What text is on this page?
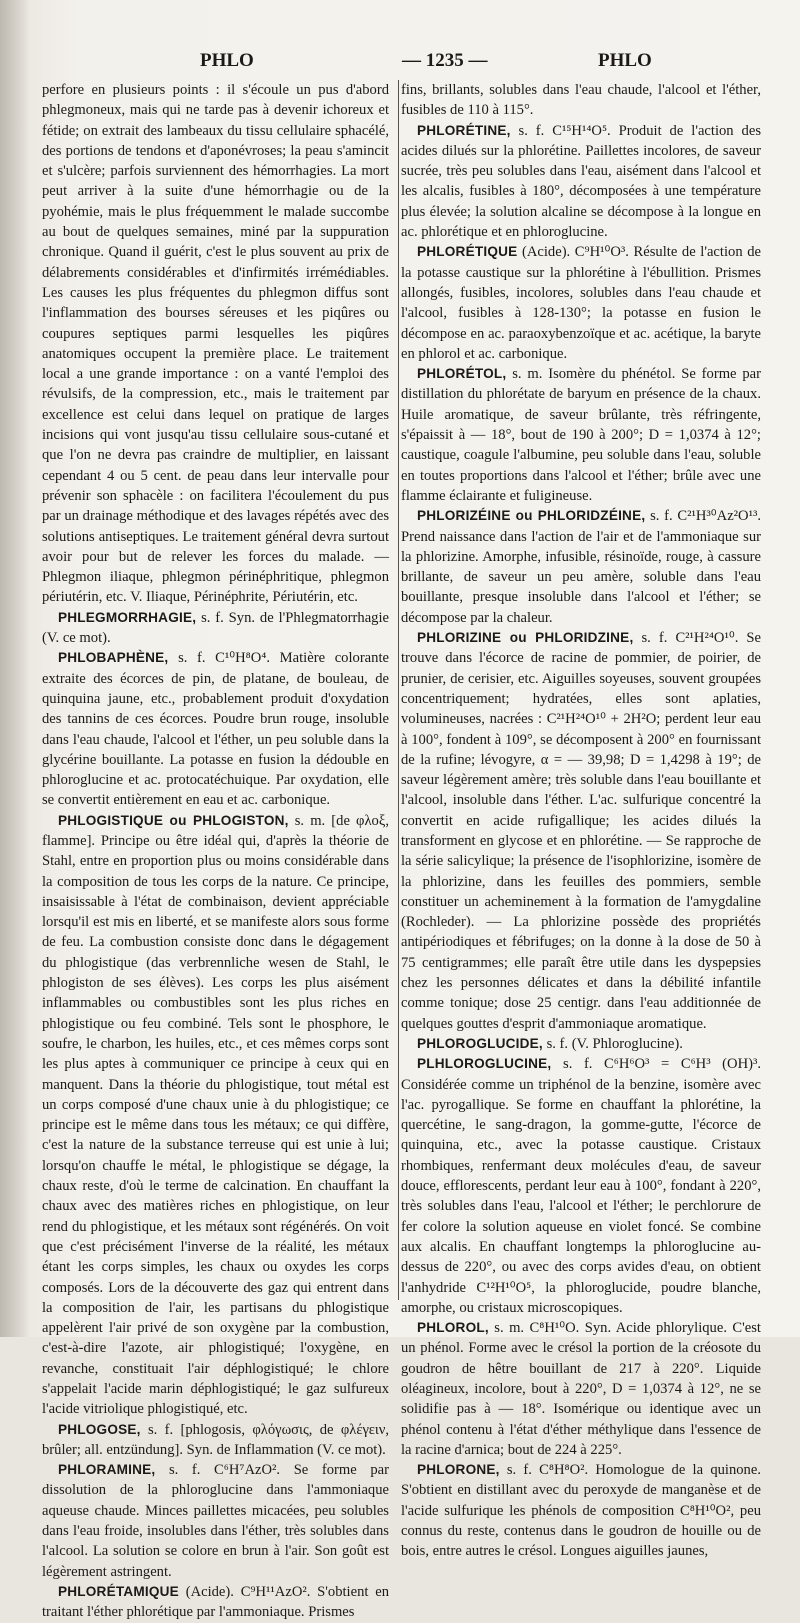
PHLO	— 1235 —	PHLO

perfore en plusieurs points : il s'écoule un pus d'abord phlegmoneux, mais qui ne tarde pas à devenir ichoreux et fétide; on extrait des lambeaux du tissu cellulaire sphacélé, des portions de tendons et d'aponévroses; la peau s'amincit et s'ulcère; parfois surviennent des hémorrhagies. La mort peut arriver à la suite d'une hémorrhagie ou de la pyohémie, mais le plus fréquemment le malade succombe au bout de quelques semaines, miné par la suppuration chronique. Quand il guérit, c'est le plus souvent au prix de délabrements considérables et d'infirmités irrémédiables. Les causes les plus fréquentes du phlegmon diffus sont l'inflammation des bourses séreuses et les piqûres ou coupures septiques parmi lesquelles les piqûres anatomiques occupent la première place. Le traitement local a une grande importance : on a vanté l'emploi des révulsifs, de la compression, etc., mais le traitement par excellence est celui dans lequel on pratique de larges incisions qui vont jusqu'au tissu cellulaire sous-cutané et que l'on ne devra pas craindre de multiplier, en laissant cependant 4 ou 5 cent. de peau dans leur intervalle pour prévenir son sphacèle : on facilitera l'écoulement du pus par un drainage méthodique et des lavages répétés avec des solutions antiseptiques. Le traitement général devra surtout avoir pour but de relever les forces du malade. — Phlegmon iliaque, phlegmon périnéphritique, phlegmon périutérin, etc. V. Iliaque, Périnéphrite, Périutérin, etc.

PHLEGMORRHAGIE, s. f. Syn. de l'Phlegmatorrhagie (V. ce mot).

PHLOBAPHÈNE, s. f. C¹⁰H⁸O⁴. Matière colorante extraite des écorces de pin, de platane, de bouleau, de quinquina jaune, etc., probablement produit d'oxydation des tannins de ces écorces. Poudre brun rouge, insoluble dans l'eau chaude, l'alcool et l'éther, un peu soluble dans la glycérine bouillante. La potasse en fusion la dédouble en phloroglucine et ac. protocatéchuique. Par oxydation, elle se convertit entièrement en eau et ac. carbonique.

PHLOGISTIQUE ou PHLOGISTON, s. m. [de φλοξ, flamme]. Principe ou être idéal qui, d'après la théorie de Stahl, entre en proportion plus ou moins considérable dans la composition de tous les corps de la nature. Ce principe, insaisissable à l'état de combinaison, devient appréciable lorsqu'il est mis en liberté, et se manifeste alors sous forme de feu. La combustion consiste donc dans le dégagement du phlogistique (das verbrennliche wesen de Stahl, le phlogiston de ses élèves). Les corps les plus aisément inflammables ou combustibles sont les plus riches en phlogistique ou feu combiné. Tels sont le phosphore, le soufre, le charbon, les huiles, etc., et ces mêmes corps sont les plus aptes à communiquer ce principe à ceux qui en manquent. Dans la théorie du phlogistique, tout métal est un corps composé d'une chaux unie à du phlogistique; ce principe est le même dans tous les métaux; ce qui diffère, c'est la nature de la substance terreuse qui est unie à lui; lorsqu'on chauffe le métal, le phlogistique se dégage, la chaux reste, d'où le terme de calcination. En chauffant la chaux avec des matières riches en phlogistique, on leur rend du phlogistique, et les métaux sont régénérés. On voit que c'est précisément l'inverse de la réalité, les métaux étant les corps simples, les chaux ou oxydes les corps composés. Lors de la découverte des gaz qui entrent dans la composition de l'air, les partisans du phlogistique appelèrent l'air privé de son oxygène par la combustion, c'est-à-dire l'azote, air phlogistiqué; l'oxygène, en revanche, constituait l'air déphlogistiqué; le chlore s'appelait l'acide marin déphlogistiqué; le gaz sulfureux l'acide vitriolique phlogistiqué, etc.

PHLOGOSE, s. f. [phlogosis, φλόγωσις, de φλέγειν, brûler; all. entzündung]. Syn. de Inflammation (V. ce mot).

PHLORAMINE, s. f. C⁶H⁷AzO². Se forme par dissolution de la phloroglucine dans l'ammoniaque aqueuse chaude. Minces paillettes micacées, peu solubles dans l'eau froide, insolubles dans l'éther, très solubles dans l'alcool. La solution se colore en brun à l'air. Son goût est légèrement astringent.

PHLORÉTAMIQUE (Acide). C⁹H¹¹AzO². S'obtient en traitant l'éther phlorétique par l'ammoniaque. Prismes

fins, brillants, solubles dans l'eau chaude, l'alcool et l'éther, fusibles de 110 à 115°.

PHLORÉTINE, s. f. C¹⁵H¹⁴O⁵. Produit de l'action des acides dilués sur la phlorétine. Paillettes incolores, de saveur sucrée, très peu solubles dans l'eau, aisément dans l'alcool et les alcalis, fusibles à 180°, décomposées à une température plus élevée; la solution alcaline se décompose à la longue en ac. phlorétique et en phloroglucine.

PHLORÉTIQUE (Acide). C⁹H¹⁰O³. Résulte de l'action de la potasse caustique sur la phlorétine à l'ébullition. Prismes allongés, fusibles, incolores, solubles dans l'eau chaude et l'alcool, fusibles à 128-130°; la potasse en fusion le décompose en ac. paraoxybenzoïque et ac. acétique, la baryte en phlorol et ac. carbonique.

PHLORÉTOL, s. m. Isomère du phénétol. Se forme par distillation du phlorétate de baryum en présence de la chaux. Huile aromatique, de saveur brûlante, très réfringente, s'épaissit à — 18°, bout de 190 à 200°; D = 1,0374 à 12°; caustique, coagule l'albumine, peu soluble dans l'eau, soluble en toutes proportions dans l'alcool et l'éther; brûle avec une flamme éclairante et fuligineuse.

PHLORIZÉINE ou PHLORIDZÉINE, s. f. C²¹H³⁰Az²O¹³. Prend naissance dans l'action de l'air et de l'ammoniaque sur la phlorizine. Amorphe, infusible, résinoïde, rouge, à cassure brillante, de saveur un peu amère, soluble dans l'eau bouillante, presque insoluble dans l'alcool et l'éther; se décompose par la chaleur.

PHLORIZINE ou PHLORIDZINE, s. f. C²¹H²⁴O¹⁰. Se trouve dans l'écorce de racine de pommier, de poirier, de prunier, de cerisier, etc. Aiguilles soyeuses, souvent groupées concentriquement; hydratées, elles sont aplaties, volumineuses, nacrées : C²¹H²⁴O¹⁰ + 2H²O; perdent leur eau à 100°, fondent à 109°, se décomposent à 200° en fournissant de la rufine; lévogyre, α = — 39,98; D = 1,4298 à 19°; de saveur légèrement amère; très soluble dans l'eau bouillante et l'alcool, insoluble dans l'éther. L'ac. sulfurique concentré la convertit en acide rufigallique; les acides dilués la transforment en glycose et en phlorétine. — Se rapproche de la série salicylique; la présence de l'isophlorizine, isomère de la phlorizine, dans les feuilles des pommiers, semble constituer un acheminement à la formation de l'amygdaline (Rochleder). — La phlorizine possède des propriétés antipériodiques et fébrifuges; on la donne à la dose de 50 à 75 centigrammes; elle paraît être utile dans les dyspepsies chez les personnes délicates et dans la débilité infantile comme tonique; dose 25 centigr. dans l'eau additionnée de quelques gouttes d'esprit d'ammoniaque aromatique.

PHLOROGLUCIDE, s. f. (V. Phloroglucine).

PLHLOROGLUCINE, s. f. C⁶H⁶O³ = C⁶H³ (OH)³. Considérée comme un triphénol de la benzine, isomère avec l'ac. pyrogallique. Se forme en chauffant la phlorétine, la quercétine, le sang-dragon, la gomme-gutte, l'écorce de quinquina, etc., avec la potasse caustique. Cristaux rhombiques, renfermant deux molécules d'eau, de saveur douce, efflorescents, perdant leur eau à 100°, fondant à 220°, très solubles dans l'eau, l'alcool et l'éther; le perchlorure de fer colore la solution aqueuse en violet foncé. Se combine aux alcalis. En chauffant longtemps la phloroglucine au-dessus de 220°, ou avec des corps avides d'eau, on obtient l'anhydride C¹²H¹⁰O⁵, la phloroglucide, poudre blanche, amorphe, ou cristaux microscopiques.

PHLOROL, s. m. C⁸H¹⁰O. Syn. Acide phlorylique. C'est un phénol. Forme avec le crésol la portion de la créosote du goudron de hêtre bouillant de 217 à 220°. Liquide oléagineux, incolore, bout à 220°, D = 1,0374 à 12°, ne se solidifie pas à — 18°. Isomérique ou identique avec un phénol contenu à l'état d'éther méthylique dans l'essence de la racine d'arnica; bout de 224 à 225°.

PHLORONE, s. f. C⁸H⁸O². Homologue de la quinone. S'obtient en distillant avec du peroxyde de manganèse et de l'acide sulfurique les phénols de composition C⁸H¹⁰O², peu connus du reste, contenus dans le goudron de houille ou de bois, entre autres le crésol. Longues aiguilles jaunes,
